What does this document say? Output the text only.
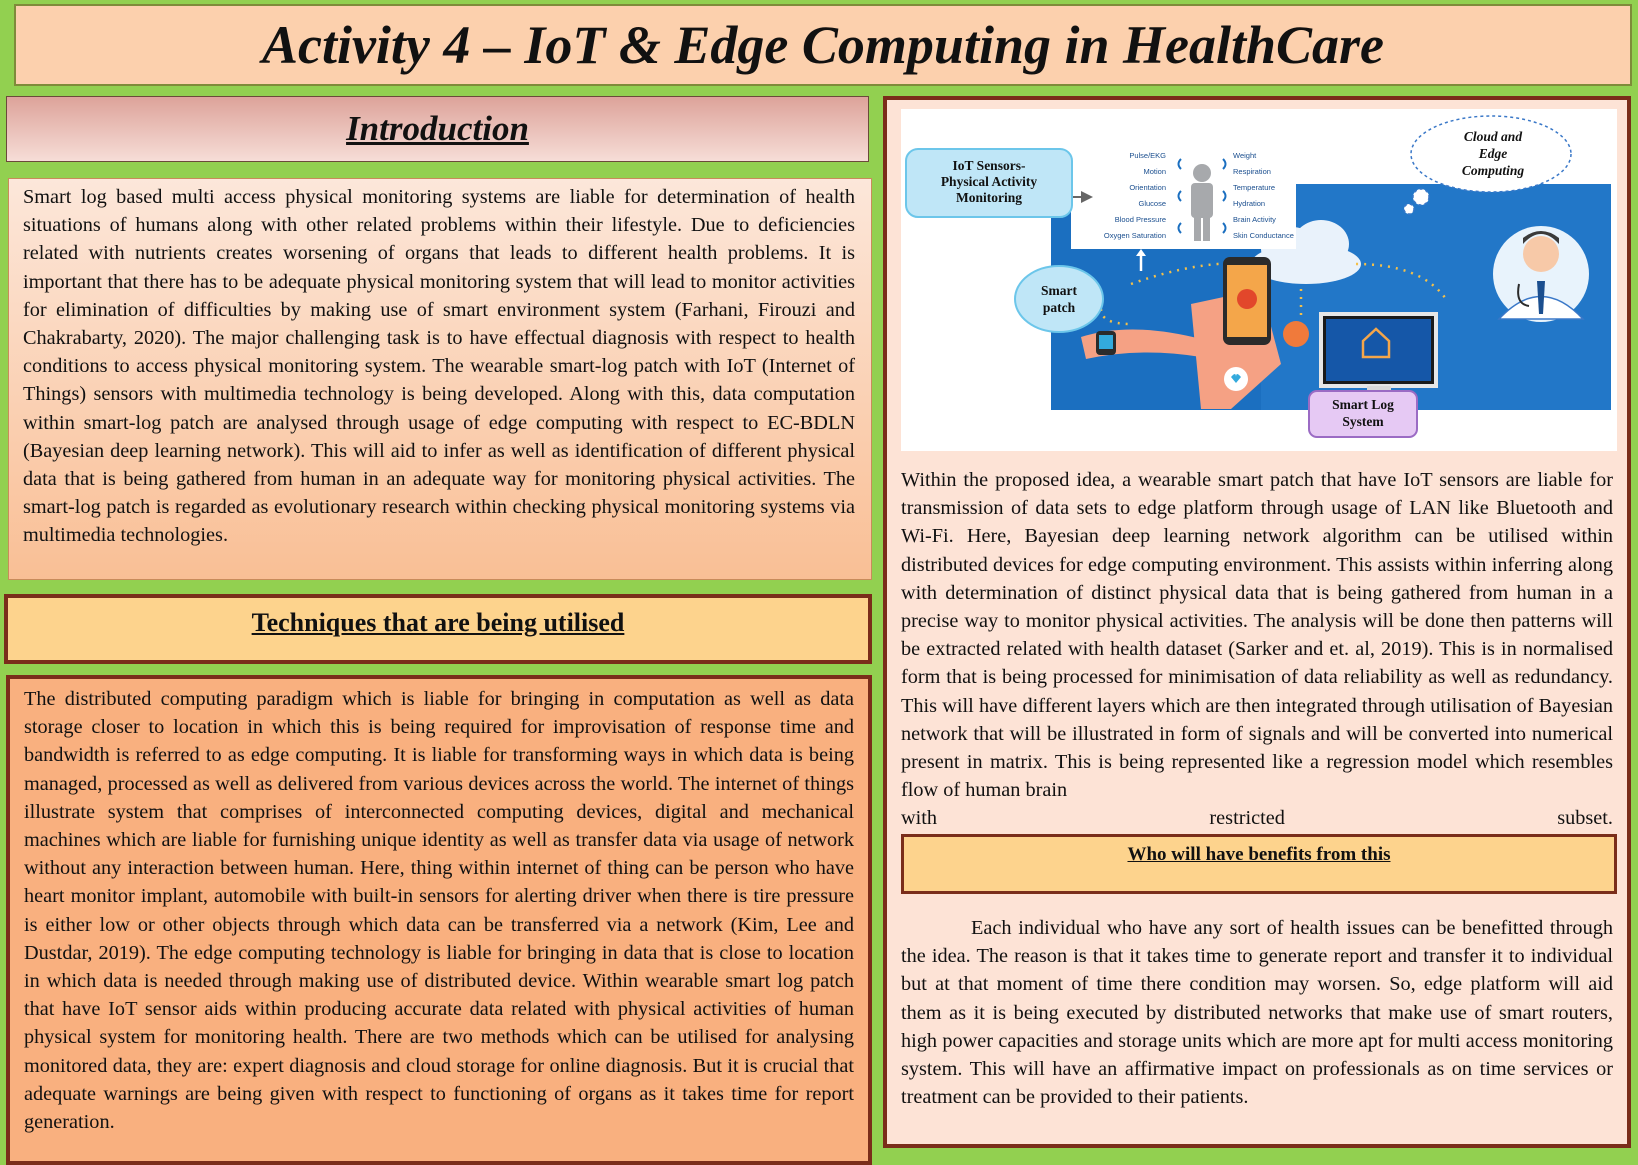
Activity 4 – IoT & Edge Computing in HealthCare
Introduction

Smart log based multi access physical monitoring systems are liable for determination of health situations of humans along with other related problems within their lifestyle. Due to deficiencies related with nutrients creates worsening of organs that leads to different health problems. It is important that there has to be adequate physical monitoring system that will lead to monitor activities for elimination of difficulties by making use of smart environment system (Farhani, Firouzi and Chakrabarty, 2020). The major challenging task is to have effectual diagnosis with respect to health conditions to access physical monitoring system. The wearable smart-log patch with IoT (Internet of Things) sensors with multimedia technology is being developed. Along with this, data computation within smart-log patch are analysed through usage of edge computing with respect to EC-BDLN (Bayesian deep learning network). This will aid to infer as well as identification of different physical data that is being gathered from human in an adequate way for monitoring physical activities. The smart-log patch is regarded as evolutionary research within checking physical monitoring systems via multimedia technologies.

Techniques that are being utilised

The distributed computing paradigm which is liable for bringing in computation as well as data storage closer to location in which this is being required for improvisation of response time and bandwidth is referred to as edge computing. It is liable for transforming ways in which data is being managed, processed as well as delivered from various devices across the world. The internet of things illustrate system that comprises of interconnected computing devices, digital and mechanical machines which are liable for furnishing unique identity as well as transfer data via usage of network without any interaction between human. Here, thing within internet of thing can be person who have heart monitor implant, automobile with built-in sensors for alerting driver when there is tire pressure is either low or other objects through which data can be transferred via a network (Kim, Lee and Dustdar, 2019). The edge computing technology is liable for bringing in data that is close to location in which data is needed through making use of distributed device. Within wearable smart log patch that have IoT sensor aids within producing accurate data related with physical activities of human physical system for monitoring health. There are two methods which can be utilised for analysing monitored data, they are: expert diagnosis and cloud storage for online diagnosis. But it is crucial that adequate warnings are being given with respect to functioning of organs as it takes time for report generation.

Pulse/EKG
Motion
Orientation
Glucose
Blood Pressure
Oxygen Saturation
Weight
Respiration
Temperature
Hydration
Brain Activity
Skin Conductance
IoT Sensors-
Physical Activity
Monitoring
Cloud and
Edge
Computing
Smart
patch
Smart Log
System

Within the proposed idea, a wearable smart patch that have IoT sensors are liable for transmission of data sets to edge platform through usage of LAN like Bluetooth and Wi-Fi. Here, Bayesian deep learning network algorithm can be utilised within distributed devices for edge computing environment. This assists within inferring along with determination of distinct physical data that is being gathered from human in a precise way to monitor physical activities. The analysis will be done then patterns will be extracted related with health dataset (Sarker and et. al, 2019). This is in normalised form that is being processed for minimisation of data reliability as well as redundancy. This will have different layers which are then integrated through utilisation of Bayesian network that will be illustrated in form of signals and will be converted into numerical present in matrix. This is being represented like a regression model which resembles flow of human brain

with restricted subset.

Who will have benefits from this

Each individual who have any sort of health issues can be benefitted through the idea. The reason is that it takes time to generate report and transfer it to individual but at that moment of time there condition may worsen. So, edge platform will aid them as it is being executed by distributed networks that make use of smart routers, high power capacities and storage units which are more apt for multi access monitoring system. This will have an affirmative impact on professionals as on time services or treatment can be provided to their patients.
